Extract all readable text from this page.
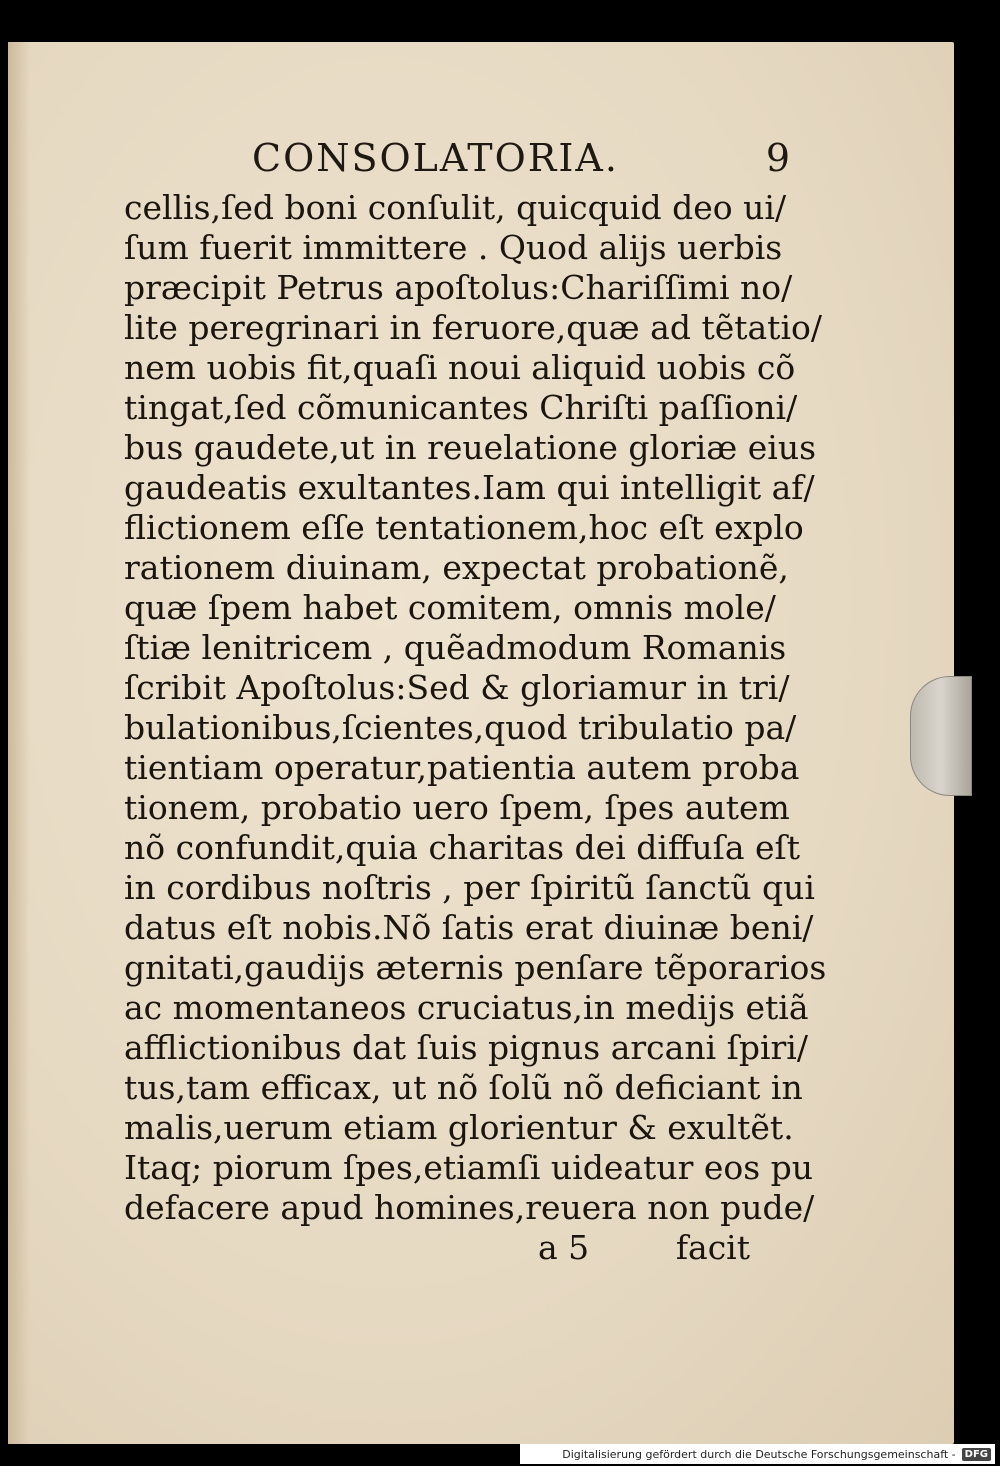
CONSOLATORIA.	9
cellis,ſed boni conſulit, quicquid deo ui/
ſum fuerit immittere . Quod alijs uerbis
præcipit Petrus apoſtolus:Chariſſimi no/
lite peregrinari in feruore,quæ ad tẽtatio/
nem uobis fit,quaſi noui aliquid uobis cõ
tingat,ſed cõmunicantes Chriſti paſſioni/
bus gaudete,ut in reuelatione gloriæ eius
gaudeatis exultantes.Iam qui intelligit af/
flictionem eſſe tentationem,hoc eſt explo
rationem diuinam, expectat probationẽ,
quæ ſpem habet comitem, omnis mole/
ſtiæ lenitricem , quẽadmodum Romanis
ſcribit Apoſtolus:Sed & gloriamur in tri/
bulationibus,ſcientes,quod tribulatio pa/
tientiam operatur,patientia autem proba
tionem, probatio uero ſpem, ſpes autem
nõ confundit,quia charitas dei diffuſa eſt
in cordibus noſtris , per ſpiritũ ſanctũ qui
datus eſt nobis.Nõ ſatis erat diuinæ beni/
gnitati,gaudijs æternis penſare tẽporarios
ac momentaneos cruciatus,in medijs etiã
afflictionibus dat ſuis pignus arcani ſpiri/
tus,tam efficax, ut nõ ſolũ nõ deficiant in
malis,uerum etiam glorientur & exultẽt.
Itaq; piorum ſpes,etiamſi uideatur eos pu
defacere apud homines,reuera non pude/
a 5	facit
Digitalisierung gefördert durch die Deutsche Forschungsgemeinschaft - DFG
